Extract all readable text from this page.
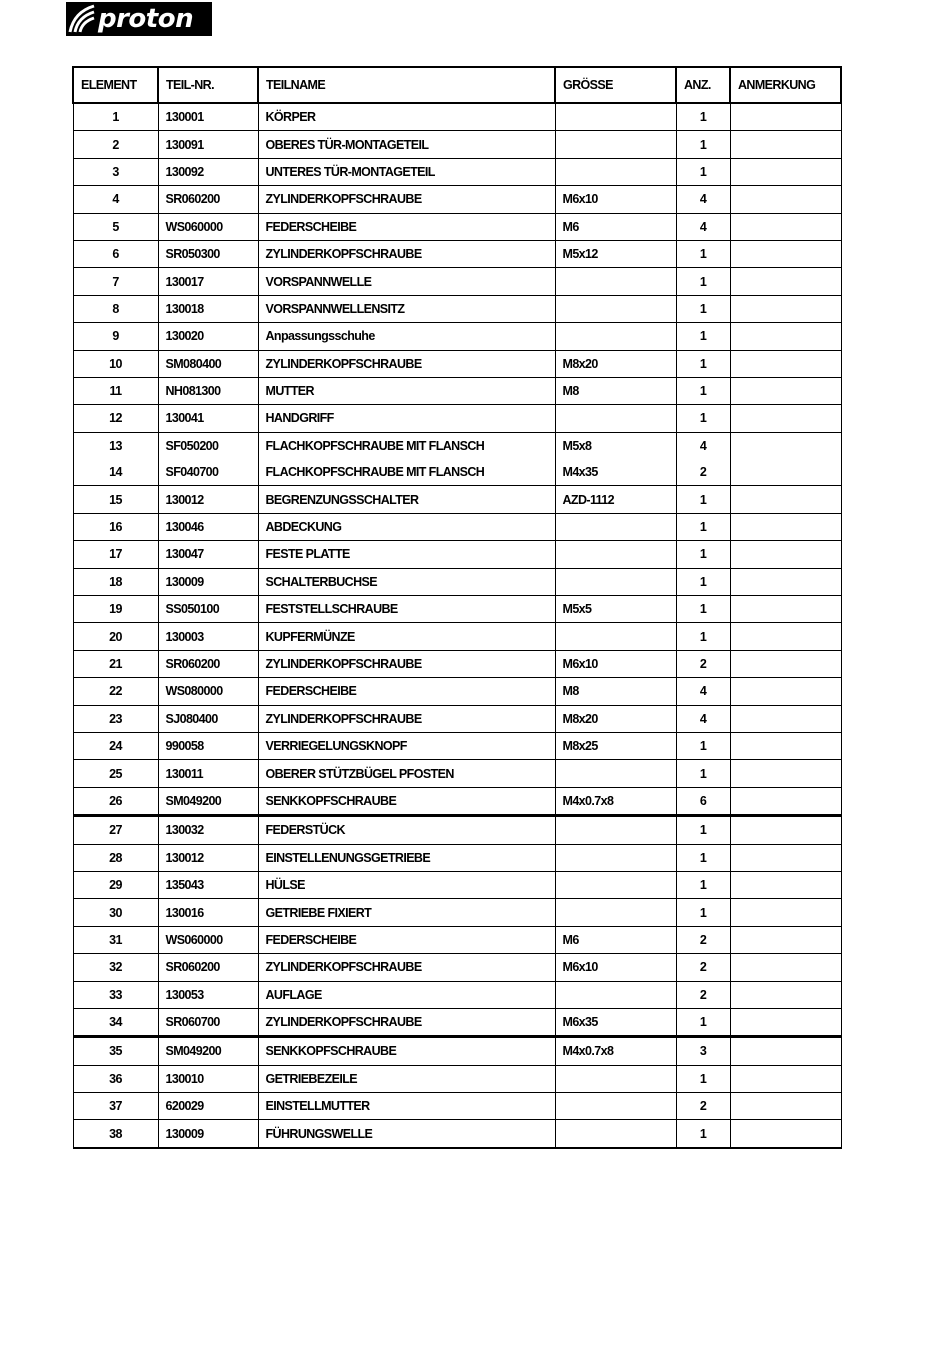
proton
ELEMENT	TEIL-NR.	TEILNAME	GRÖSSE	ANZ.	ANMERKUNG
1	130001	KÖRPER		1	
2	130091	OBERES TÜR-MONTAGETEIL		1	
3	130092	UNTERES TÜR-MONTAGETEIL		1	
4	SR060200	ZYLINDERKOPFSCHRAUBE	M6x10	4	
5	WS060000	FEDERSCHEIBE	M6	4	
6	SR050300	ZYLINDERKOPFSCHRAUBE	M5x12	1	
7	130017	VORSPANNWELLE		1	
8	130018	VORSPANNWELLENSITZ		1	
9	130020	Anpassungsschuhe		1	
10	SM080400	ZYLINDERKOPFSCHRAUBE	M8x20	1	
11	NH081300	MUTTER	M8	1	
12	130041	HANDGRIFF		1	
13	SF050200	FLACHKOPFSCHRAUBE MIT FLANSCH	M5x8	4	
14	SF040700	FLACHKOPFSCHRAUBE MIT FLANSCH	M4x35	2	
15	130012	BEGRENZUNGSSCHALTER	AZD-1112	1	
16	130046	ABDECKUNG		1	
17	130047	FESTE PLATTE		1	
18	130009	SCHALTERBUCHSE		1	
19	SS050100	FESTSTELLSCHRAUBE	M5x5	1	
20	130003	KUPFERMÜNZE		1	
21	SR060200	ZYLINDERKOPFSCHRAUBE	M6x10	2	
22	WS080000	FEDERSCHEIBE	M8	4	
23	SJ080400	ZYLINDERKOPFSCHRAUBE	M8x20	4	
24	990058	VERRIEGELUNGSKNOPF	M8x25	1	
25	130011	OBERER STÜTZBÜGEL PFOSTEN		1	
26	SM049200	SENKKOPFSCHRAUBE	M4x0.7x8	6	
27	130032	FEDERSTÜCK		1	
28	130012	EINSTELLENUNGSGETRIEBE		1	
29	135043	HÜLSE		1	
30	130016	GETRIEBE FIXIERT		1	
31	WS060000	FEDERSCHEIBE	M6	2	
32	SR060200	ZYLINDERKOPFSCHRAUBE	M6x10	2	
33	130053	AUFLAGE		2	
34	SR060700	ZYLINDERKOPFSCHRAUBE	M6x35	1	
35	SM049200	SENKKOPFSCHRAUBE	M4x0.7x8	3	
36	130010	GETRIEBEZEILE		1	
37	620029	EINSTELLMUTTER		2	
38	130009	FÜHRUNGSWELLE		1	
